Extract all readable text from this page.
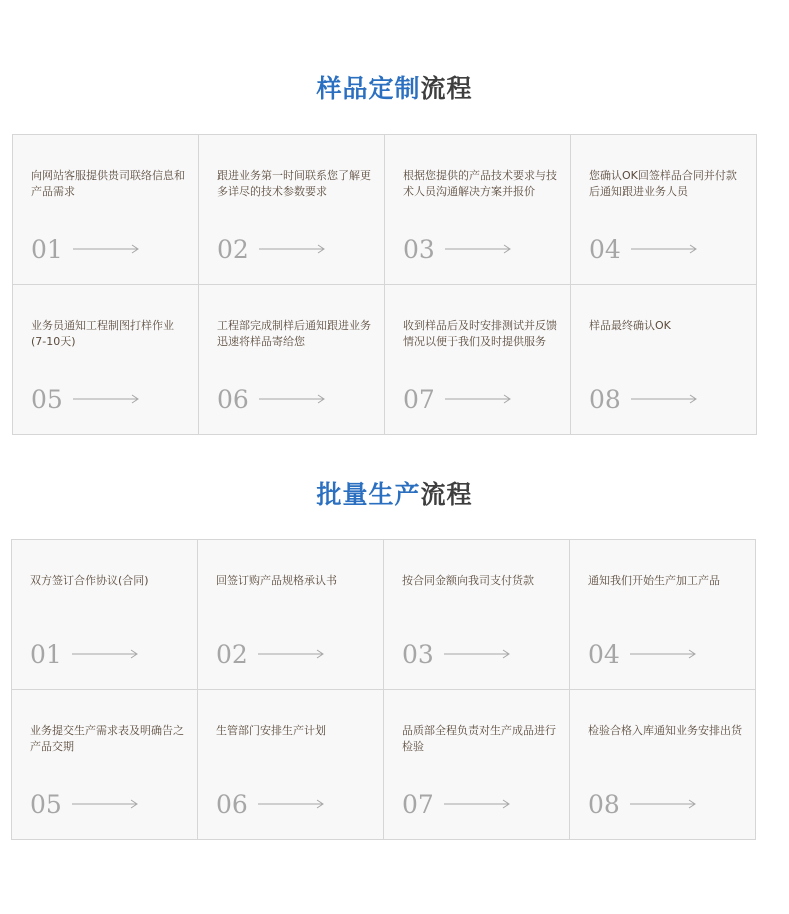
样品定制流程
向网站客服提供贵司联络信息和产品需求
01
跟进业务第一时间联系您了解更多详尽的技术参数要求
02
根据您提供的产品技术要求与技术人员沟通解决方案并报价
03
您确认OK回签样品合同并付款后通知跟进业务人员
04
业务员通知工程制图打样作业(7-10天)
05
工程部完成制样后通知跟进业务迅速将样品寄给您
06
收到样品后及时安排测试并反馈情况以便于我们及时提供服务
07
样品最终确认OK
08
批量生产流程
双方签订合作协议(合同)
01
回签订购产品规格承认书
02
按合同金额向我司支付货款
03
通知我们开始生产加工产品
04
业务提交生产需求表及明确告之产品交期
05
生管部门安排生产计划
06
品质部全程负责对生产成品进行检验
07
检验合格入库通知业务安排出货
08
